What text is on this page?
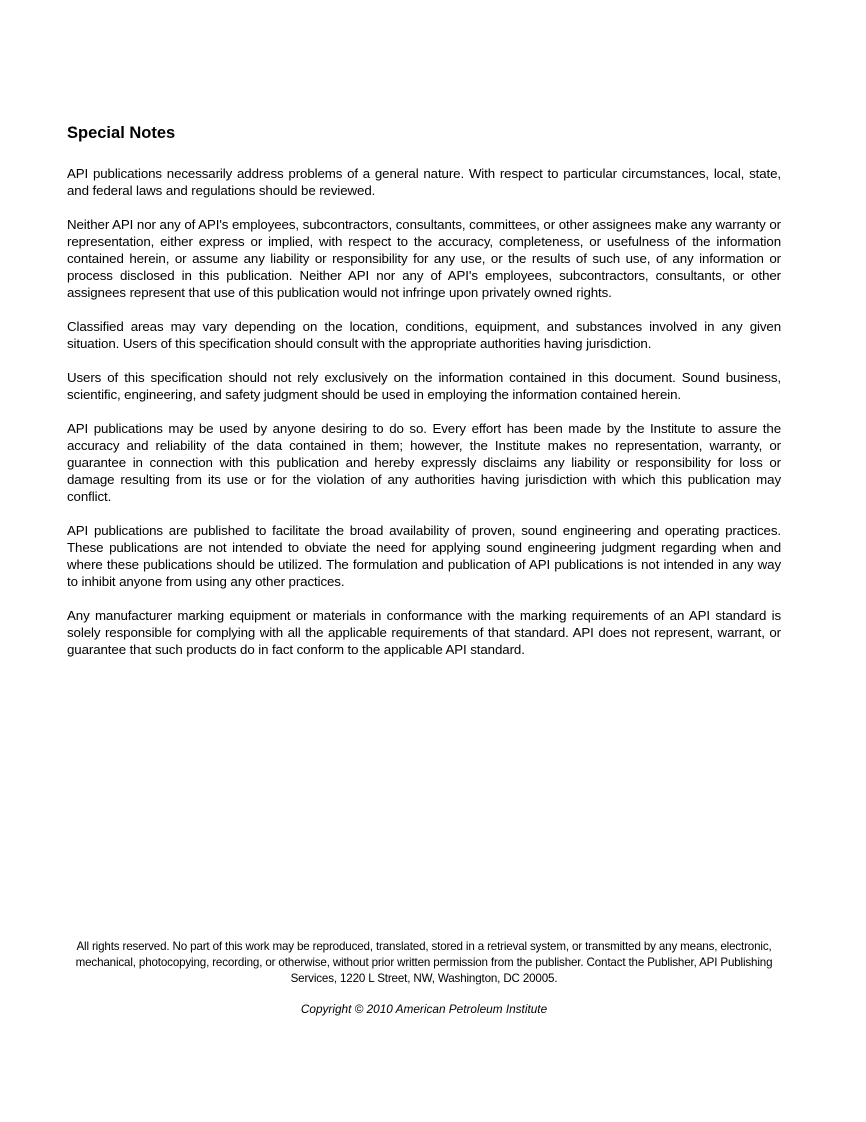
Special Notes

API publications necessarily address problems of a general nature. With respect to particular circumstances, local, state, and federal laws and regulations should be reviewed.

Neither API nor any of API's employees, subcontractors, consultants, committees, or other assignees make any warranty or representation, either express or implied, with respect to the accuracy, completeness, or usefulness of the information contained herein, or assume any liability or responsibility for any use, or the results of such use, of any information or process disclosed in this publication. Neither API nor any of API's employees, subcontractors, consultants, or other assignees represent that use of this publication would not infringe upon privately owned rights.

Classified areas may vary depending on the location, conditions, equipment, and substances involved in any given situation. Users of this specification should consult with the appropriate authorities having jurisdiction.

Users of this specification should not rely exclusively on the information contained in this document. Sound business, scientific, engineering, and safety judgment should be used in employing the information contained herein.

API publications may be used by anyone desiring to do so. Every effort has been made by the Institute to assure the accuracy and reliability of the data contained in them; however, the Institute makes no representation, warranty, or guarantee in connection with this publication and hereby expressly disclaims any liability or responsibility for loss or damage resulting from its use or for the violation of any authorities having jurisdiction with which this publication may conflict.

API publications are published to facilitate the broad availability of proven, sound engineering and operating practices. These publications are not intended to obviate the need for applying sound engineering judgment regarding when and where these publications should be utilized. The formulation and publication of API publications is not intended in any way to inhibit anyone from using any other practices.

Any manufacturer marking equipment or materials in conformance with the marking requirements of an API standard is solely responsible for complying with all the applicable requirements of that standard. API does not represent, warrant, or guarantee that such products do in fact conform to the applicable API standard.

All rights reserved. No part of this work may be reproduced, translated, stored in a retrieval system, or transmitted by any means, electronic, mechanical, photocopying, recording, or otherwise, without prior written permission from the publisher. Contact the Publisher, API Publishing Services, 1220 L Street, NW, Washington, DC 20005.

Copyright © 2010 American Petroleum Institute
